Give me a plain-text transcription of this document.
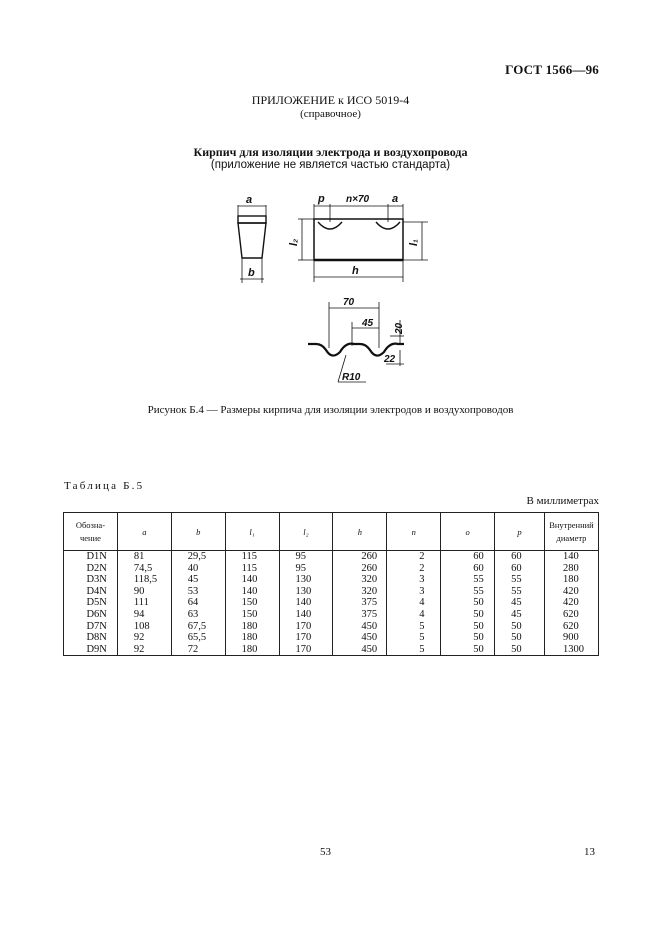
ГОСТ 1566—96
ПРИЛОЖЕНИЕ к ИСО 5019-4
(справочное)
Кирпич для изоляции электрода и воздухопровода
(приложение не является частью стандарта)
a
b
p n×70 a
h
l₂	l₁
70
45 20
22
R10
Рисунок Б.4 — Размеры кирпича для изоляции электродов и воздухопроводов
Таблица Б.5
В миллиметрах
Обозна-
чение	a	b	l₁	l₂	h	n	o	p	Внутренний
диаметр
D1N	81	29,5	115	95	260	2	60	60	140
D2N	74,5	40	115	95	260	2	60	60	280
D3N	118,5	45	140	130	320	3	55	55	180
D4N	90	53	140	130	320	3	55	55	420
D5N	111	64	150	140	375	4	50	45	420
D6N	94	63	150	140	375	4	50	45	620
D7N	108	67,5	180	170	450	5	50	50	620
D8N	92	65,5	180	170	450	5	50	50	900
D9N	92	72	180	170	450	5	50	50	1300
53	13
